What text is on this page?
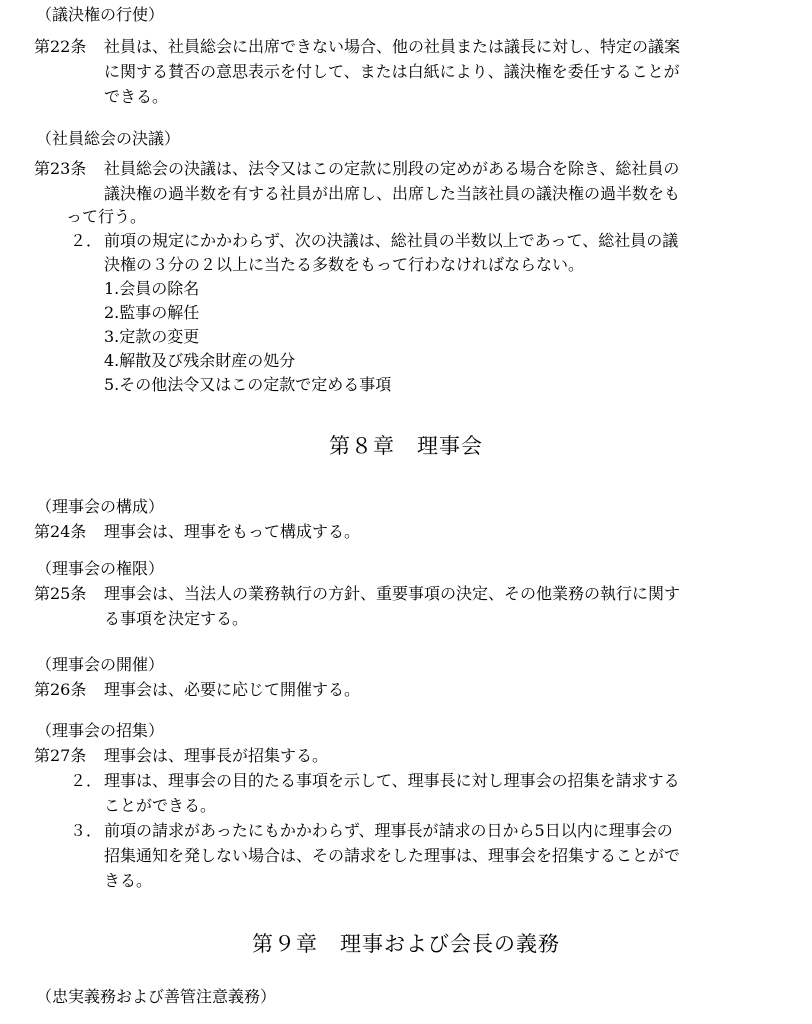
（議決権の行使）
第22条 社員は、社員総会に出席できない場合、他の社員または議長に対し、特定の議案
に関する賛否の意思表示を付して、または白紙により、議決権を委任することが
できる。
（社員総会の決議）
第23条 社員総会の決議は、法令又はこの定款に別段の定めがある場合を除き、総社員の
議決権の過半数を有する社員が出席し、出席した当該社員の議決権の過半数をも
って行う。
２． 前項の規定にかかわらず、次の決議は、総社員の半数以上であって、総社員の議
決権の３分の２以上に当たる多数をもって行わなければならない。
1.会員の除名
2.監事の解任
3.定款の変更
4.解散及び残余財産の処分
5.その他法令又はこの定款で定める事項
第８章　理事会
（理事会の構成）
第24条 理事会は、理事をもって構成する。
（理事会の権限）
第25条 理事会は、当法人の業務執行の方針、重要事項の決定、その他業務の執行に関す
る事項を決定する。
（理事会の開催）
第26条 理事会は、必要に応じて開催する。
（理事会の招集）
第27条 理事会は、理事長が招集する。
２． 理事は、理事会の目的たる事項を示して、理事長に対し理事会の招集を請求する
ことができる。
３． 前項の請求があったにもかかわらず、理事長が請求の日から5日以内に理事会の
招集通知を発しない場合は、その請求をした理事は、理事会を招集することがで
きる。
第９章　理事および会長の義務
（忠実義務および善管注意義務）
